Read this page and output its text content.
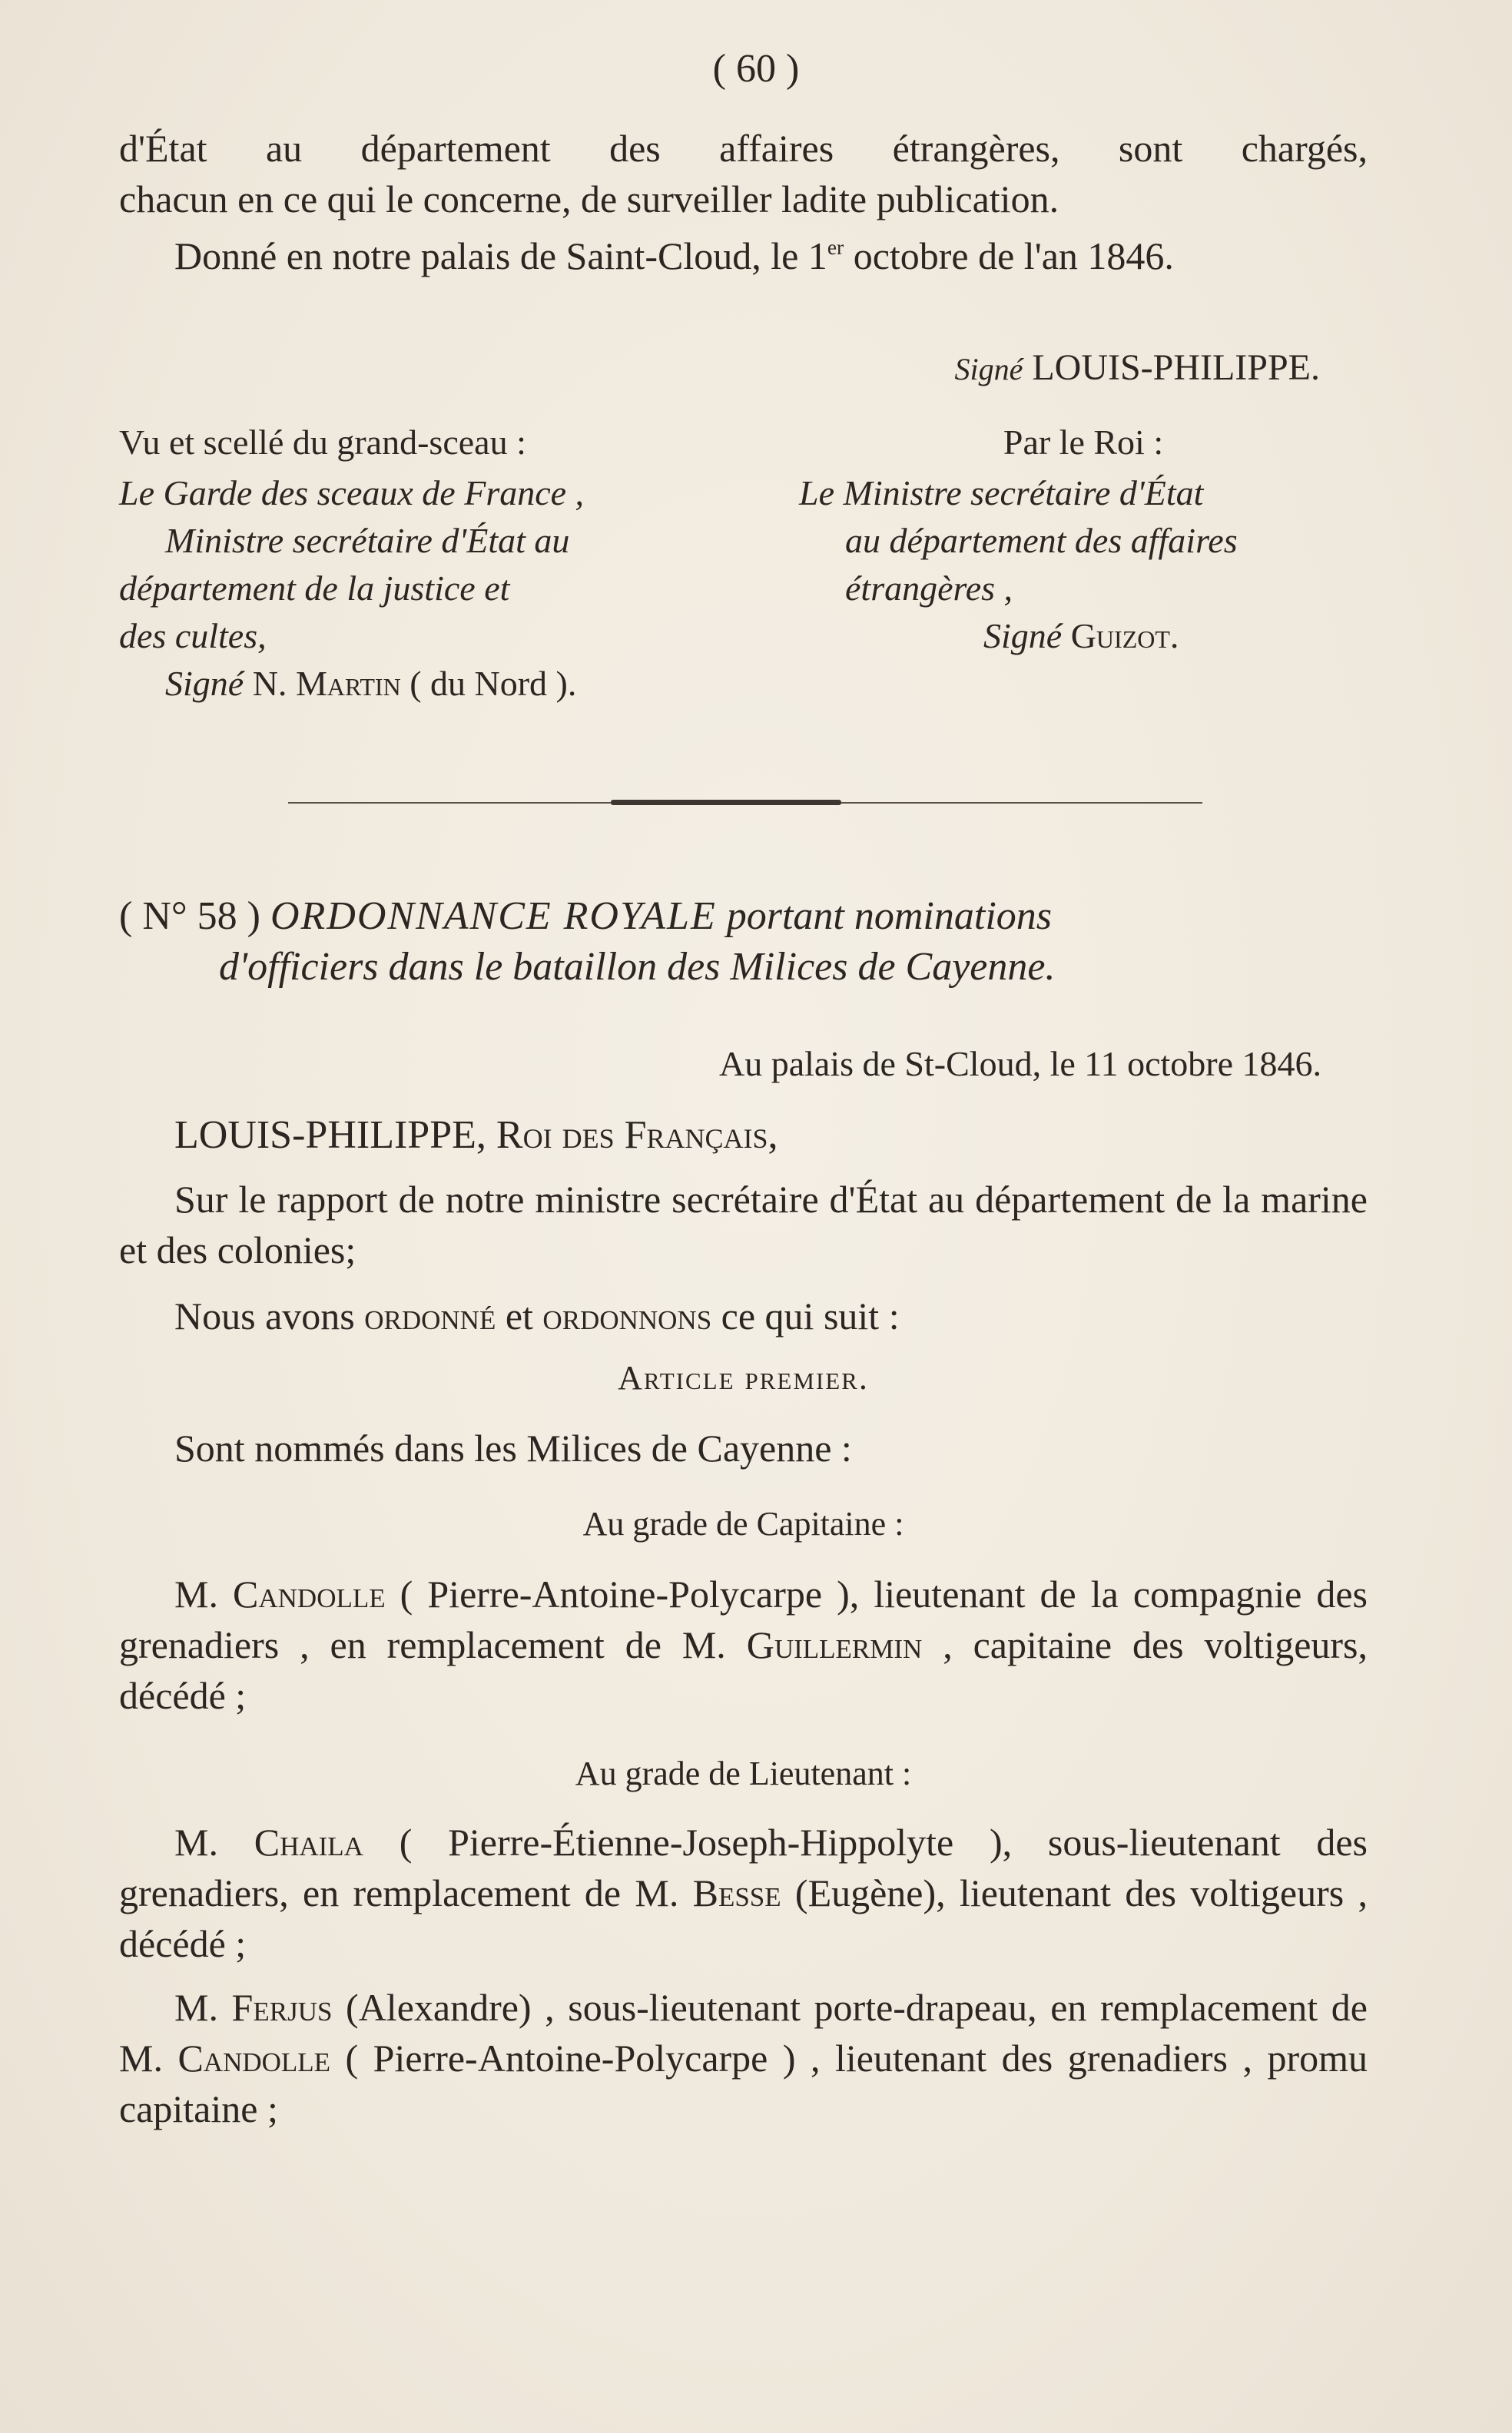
( 60 )

d'État au département des affaires étrangères, sont chargés,

chacun en ce qui le concerne, de surveiller ladite publication.

Donné en notre palais de Saint-Cloud, le 1er octobre de l'an 1846.

Signé LOUIS-PHILIPPE.

Vu et scellé du grand-sceau :

Le Garde des sceaux de France ,

Ministre secrétaire d'État au

département de la justice et

des cultes,

Signé N. Martin ( du Nord ).

Par le Roi :

Le Ministre secrétaire d'État

au département des affaires

étrangères ,

Signé Guizot.

( N° 58 ) ORDONNANCE ROYALE portant nominations

d'officiers dans le bataillon des Milices de Cayenne.

Au palais de St-Cloud, le 11 octobre 1846.

LOUIS-PHILIPPE, Roi des Français,

Sur le rapport de notre ministre secrétaire d'État au département de la marine et des colonies;

Nous avons ordonné et ordonnons ce qui suit :

Article premier.

Sont nommés dans les Milices de Cayenne :

Au grade de Capitaine :

M. Candolle ( Pierre-Antoine-Polycarpe ), lieutenant de la compagnie des grenadiers , en remplacement de M. Guillermin , capitaine des voltigeurs, décédé ;

Au grade de Lieutenant :

M. Chaila ( Pierre-Étienne-Joseph-Hippolyte ), sous-lieutenant des grenadiers, en remplacement de M. Besse (Eugène), lieutenant des voltigeurs , décédé ;

M. Ferjus (Alexandre) , sous-lieutenant porte-drapeau, en remplacement de M. Candolle ( Pierre-Antoine-Polycarpe ) , lieutenant des grenadiers , promu capitaine ;
